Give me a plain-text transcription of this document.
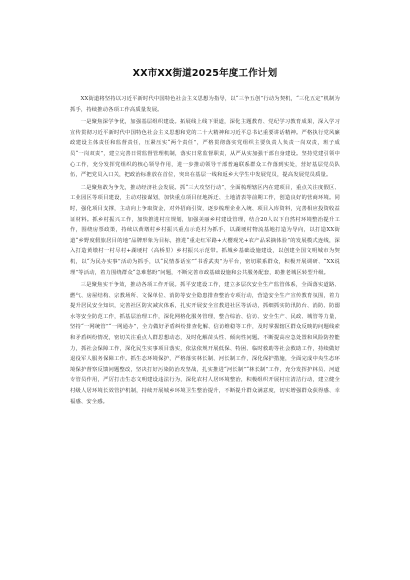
XX市XX街道2025年度工作计划

XX街道将坚持以习近平新时代中国特色社会主义思想为指导，以“三争五创”行动为契机，“三化五定”机制为抓手，持续推动各项工作高质量发展。

一是聚焦深学争优，加强基层组织建设。拓展线上线下渠道，深化主题教育、党纪学习教育成果，深入学习宣传贯彻习近平新时代中国特色社会主义思想和党的二十大精神和习近平总书记重要讲话精神。严格执行党风廉政建设主体责任和监督责任，压紧压实“两个责任”，严格贯彻落实党组织主要负责人负责一岗双责，班子成员“一岗双责”，建立完善日常监督管理机制，落实日常监督职责，从严从实加强干部自身建设。坚持党建引领中心工作，充分发挥党组织的核心领导作用，进一步推动领导干部普遍联系群众工作落到实处，营好基层党员队伍，严把党员入口关，把政治标准放在首位，突出在基层一线和返乡大学生中发展党员，提高发展党员质量。

二是聚焦敢为争先，推动经济社会发展。抓“三大攻坚行动”，全面梳理辖区内在建项目，重点关注度假区、工业园区等项目建设，主动对接谋划，加快重点项目征地拆迁、土地清表等前期工作，创造良好的营商环境。同时，强化项目支撑，主动向上争取资金，对外招商引资，逐步梳理企业入统、项目入库资料，完善相应投资收益证材料。抓乡村振兴工作，加快推进村庄规划，加强美丽乡村建设管理，结合20人以下自然村环境整治提升工作，围绕房票政策，持续以黄墩村乡村振兴重点示范村为抓手，以湖埂村物流基地打造为导向，以打造XX街道“乡野度假旅居目的地”品牌形象为目标，推进“重走红军路+大樱观光+农产品采摘体验”的发展模式连线，深入打造黄墩村一村尽村+湖埂村（高桥里）乡村振兴示范带。抓城乡基础设施建设，以创建全国文明城市为契机，以“为民办实事”活动为抓手，以“民情茶话室”“书香武夷”为平台，密切联系群众，积极开展调研、“XX说理”等活动，着力围绕群众“急难愁盼”问题，不断完善市政基础设施和公共服务配套，助推老城区转型升级。

三是聚焦实干争效，推动各项工作开展。抓平安建设工作，建立多层次安全生产监管体系，全面落实道路、燃气、房屋结构、宗教场所、文保单位、消防等安全隐患排查整治专项行动，营造安全生产宣传教育氛围，着力提升居民安全知识，完善社区防灾减灾体系，扎实开展安全宣教进社区等活动，抓细抓实防汛防台、消防、防溺水等安全防范工作，抓基层治理工作，深化网格化服务管理，整合综治、信访、安全生产、民政、城管等力量，坚持“一网统管”“一网通办”，全力做好矛盾纠纷排查化解、信访维稳等工作，及时掌握辖区群众反映的问题线索和矛盾纠纷情况，密切关注重点人群思想动态，及时化解苗头性、倾向性问题。不断提高应急处置和风险防控能力，抓社会保障工作，深化民生实事项目落实，依法依规开展低保、特困、临时救助等社会救助工作，持续做好退役军人服务保障工作。抓生态环境保护，严格落实林长制、河长制工作，深化保护措施，全面完成中央生态环境保护督察反馈问题整改，坚决打好污染防治攻坚战，扎实推进“河长制”“林长制”工作，充分发挥护林员、河道专管员作用，严厉打击生态文明建设违法行为，深化农村人居环境整治，积极组织开展村庄清洁行动，建立健全村级人居环境长效管护机制，持续开展城乡环境卫生整治提升，不断提升群众满意度，切实增强群众获得感、幸福感、安全感。
